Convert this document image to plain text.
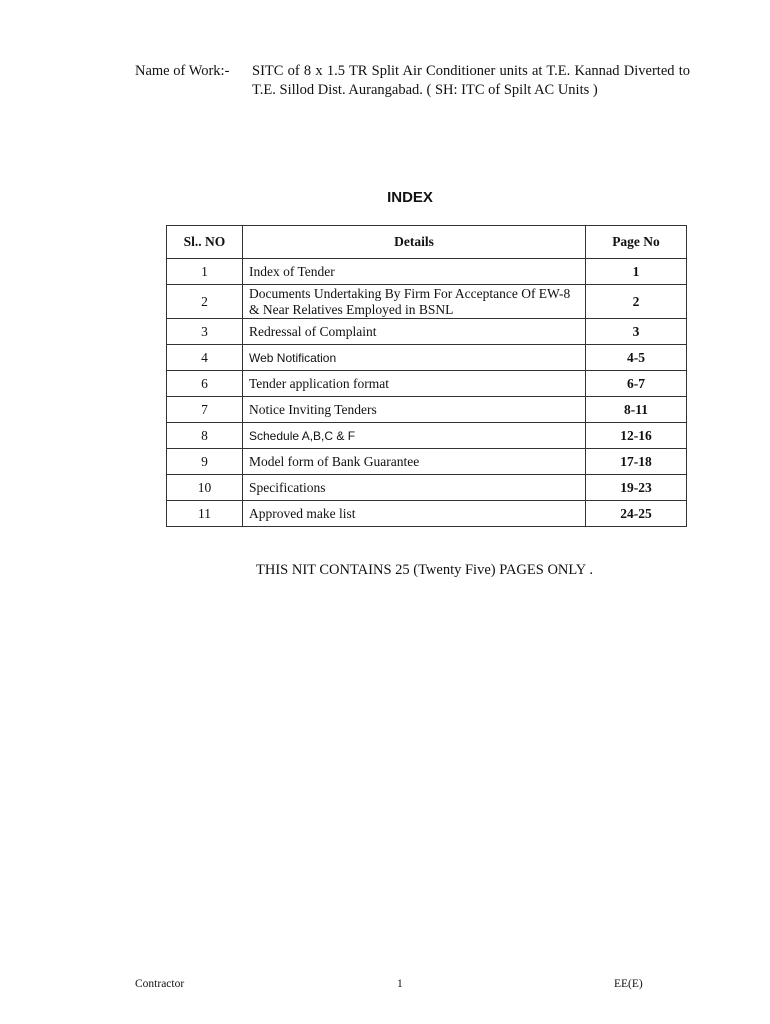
Name of Work:-	SITC of 8 x 1.5 TR Split Air Conditioner units at T.E. Kannad Diverted to T.E. Sillod Dist. Aurangabad. ( SH: ITC of Spilt AC Units )
INDEX
Sl.. NO	Details	Page No
1	Index of Tender	1
2	Documents Undertaking By Firm For Acceptance Of EW-8 & Near Relatives Employed in BSNL	2
3	Redressal of Complaint	3
4	Web Notification	4-5
6	Tender application format	6-7
7	Notice Inviting Tenders	8-11
8	Schedule A,B,C & F	12-16
9	Model form of Bank Guarantee	17-18
10	Specifications	19-23
11	Approved make list	24-25
THIS NIT CONTAINS 25 (Twenty Five) PAGES ONLY .
Contractor	1	EE(E)
